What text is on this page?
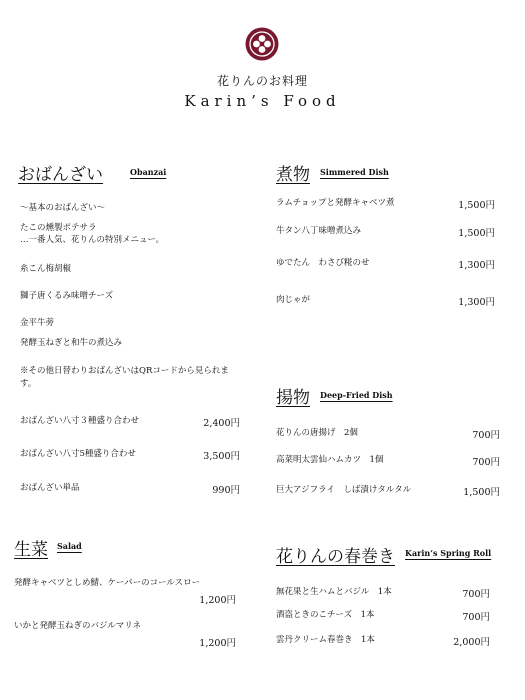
花りんのお料理
Karin’s Food
おばんざい	Obanzai
～基本のおばんざい～
たこの燻製ポテサラ
…一番人気、花りんの特別メニュー。
糸こん梅胡椒
獅子唐くるみ味噌チーズ
金平牛蒡
発酵玉ねぎと和牛の煮込み
※その他日替わりおばんざいはQRコードから見られま
す。
おばんざい八寸３種盛り合わせ	2,400円
おばんざい八寸5種盛り合わせ	3,500円
おばんざい単品	990円
煮物 Simmered Dish
ラムチョップと発酵キャベツ煮	1,500円
牛タン八丁味噌煮込み	1,500円
ゆでたん　わさび糀のせ	1,300円
肉じゃが	1,300円
揚物 Deep-Fried Dish
花りんの唐揚げ　2個	700円
高菜明太雲仙ハムカツ　1個	700円
巨大アジフライ　しば漬けタルタル	1,500円
生菜 Salad
発酵キャベツとしめ鯖、ケーパーのコールスロー
1,200円
いかと発酵玉ねぎのバジルマリネ
1,200円
花りんの春巻き Karin’s Spring Roll
無花果と生ハムとバジル　1本	700円
酒盗ときのこチーズ　1本	700円
雲丹クリーム春巻き　1本	2,000円
